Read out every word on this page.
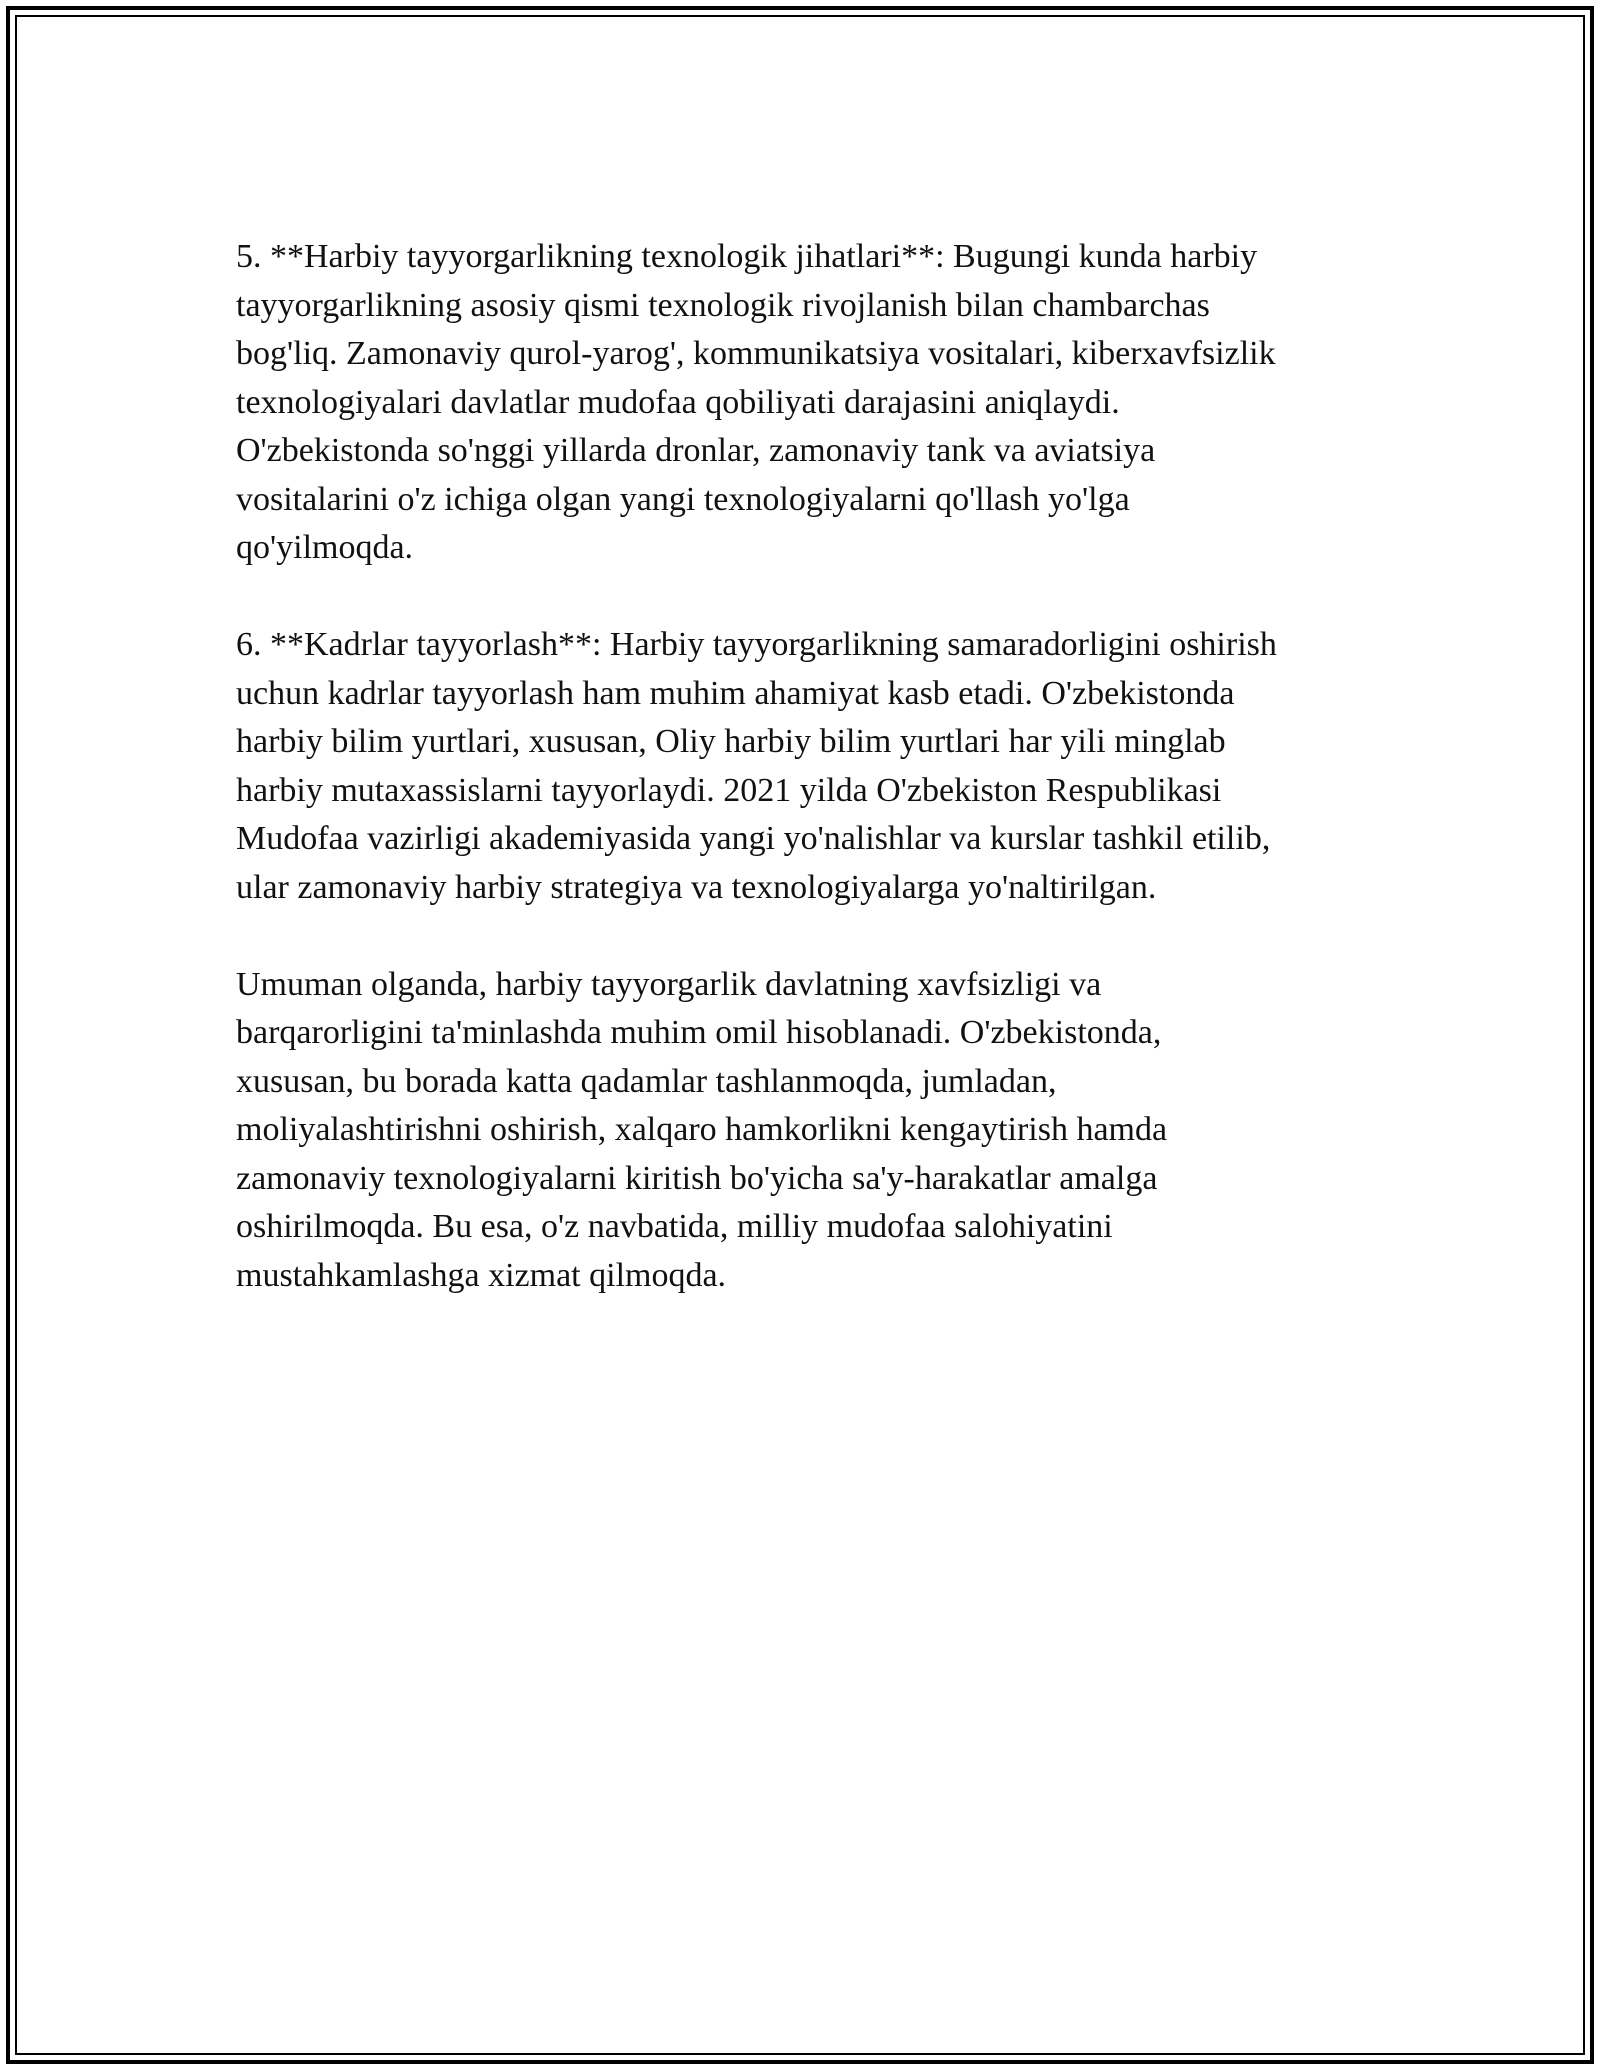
5. **Harbiy tayyorgarlikning texnologik jihatlari**: Bugungi kunda harbiy
tayyorgarlikning asosiy qismi texnologik rivojlanish bilan chambarchas
bog'liq. Zamonaviy qurol-yarog', kommunikatsiya vositalari, kiberxavfsizlik
texnologiyalari davlatlar mudofaa qobiliyati darajasini aniqlaydi.
O'zbekistonda so'nggi yillarda dronlar, zamonaviy tank va aviatsiya
vositalarini o'z ichiga olgan yangi texnologiyalarni qo'llash yo'lga
qo'yilmoqda.

6. **Kadrlar tayyorlash**: Harbiy tayyorgarlikning samaradorligini oshirish
uchun kadrlar tayyorlash ham muhim ahamiyat kasb etadi. O'zbekistonda
harbiy bilim yurtlari, xususan, Oliy harbiy bilim yurtlari har yili minglab
harbiy mutaxassislarni tayyorlaydi. 2021 yilda O'zbekiston Respublikasi
Mudofaa vazirligi akademiyasida yangi yo'nalishlar va kurslar tashkil etilib,
ular zamonaviy harbiy strategiya va texnologiyalarga yo'naltirilgan.

Umuman olganda, harbiy tayyorgarlik davlatning xavfsizligi va
barqarorligini ta'minlashda muhim omil hisoblanadi. O'zbekistonda,
xususan, bu borada katta qadamlar tashlanmoqda, jumladan,
moliyalashtirishni oshirish, xalqaro hamkorlikni kengaytirish hamda
zamonaviy texnologiyalarni kiritish bo'yicha sa'y-harakatlar amalga
oshirilmoqda. Bu esa, o'z navbatida, milliy mudofaa salohiyatini
mustahkamlashga xizmat qilmoqda.
